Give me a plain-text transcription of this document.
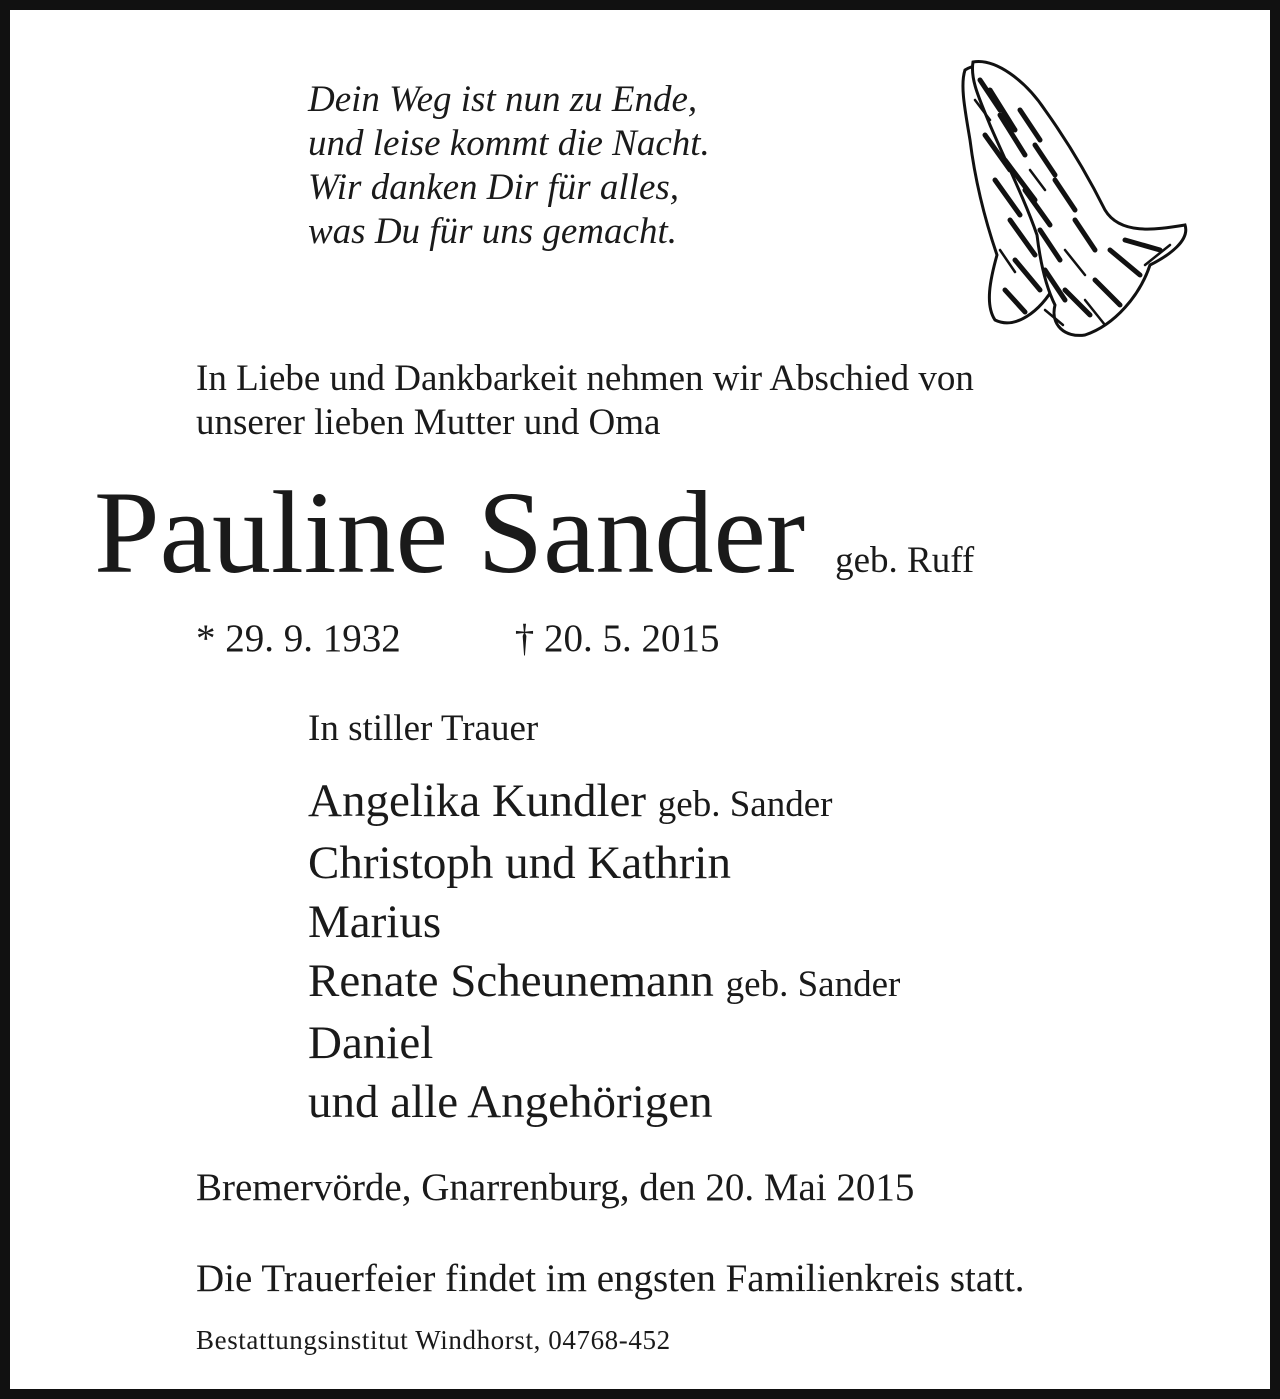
Dein Weg ist nun zu Ende,
und leise kommt die Nacht.
Wir danken Dir für alles,
was Du für uns gemacht.
In Liebe und Dankbarkeit nehmen wir Abschied von
unserer lieben Mutter und Oma
Pauline Sander geb. Ruff
* 29. 9. 1932	† 20. 5. 2015
In stiller Trauer
Angelika Kundler geb. Sander
Christoph und Kathrin
Marius
Renate Scheunemann geb. Sander
Daniel
und alle Angehörigen
Bremervörde, Gnarrenburg, den 20. Mai 2015
Die Trauerfeier findet im engsten Familienkreis statt.
Bestattungsinstitut Windhorst, 04768-452
